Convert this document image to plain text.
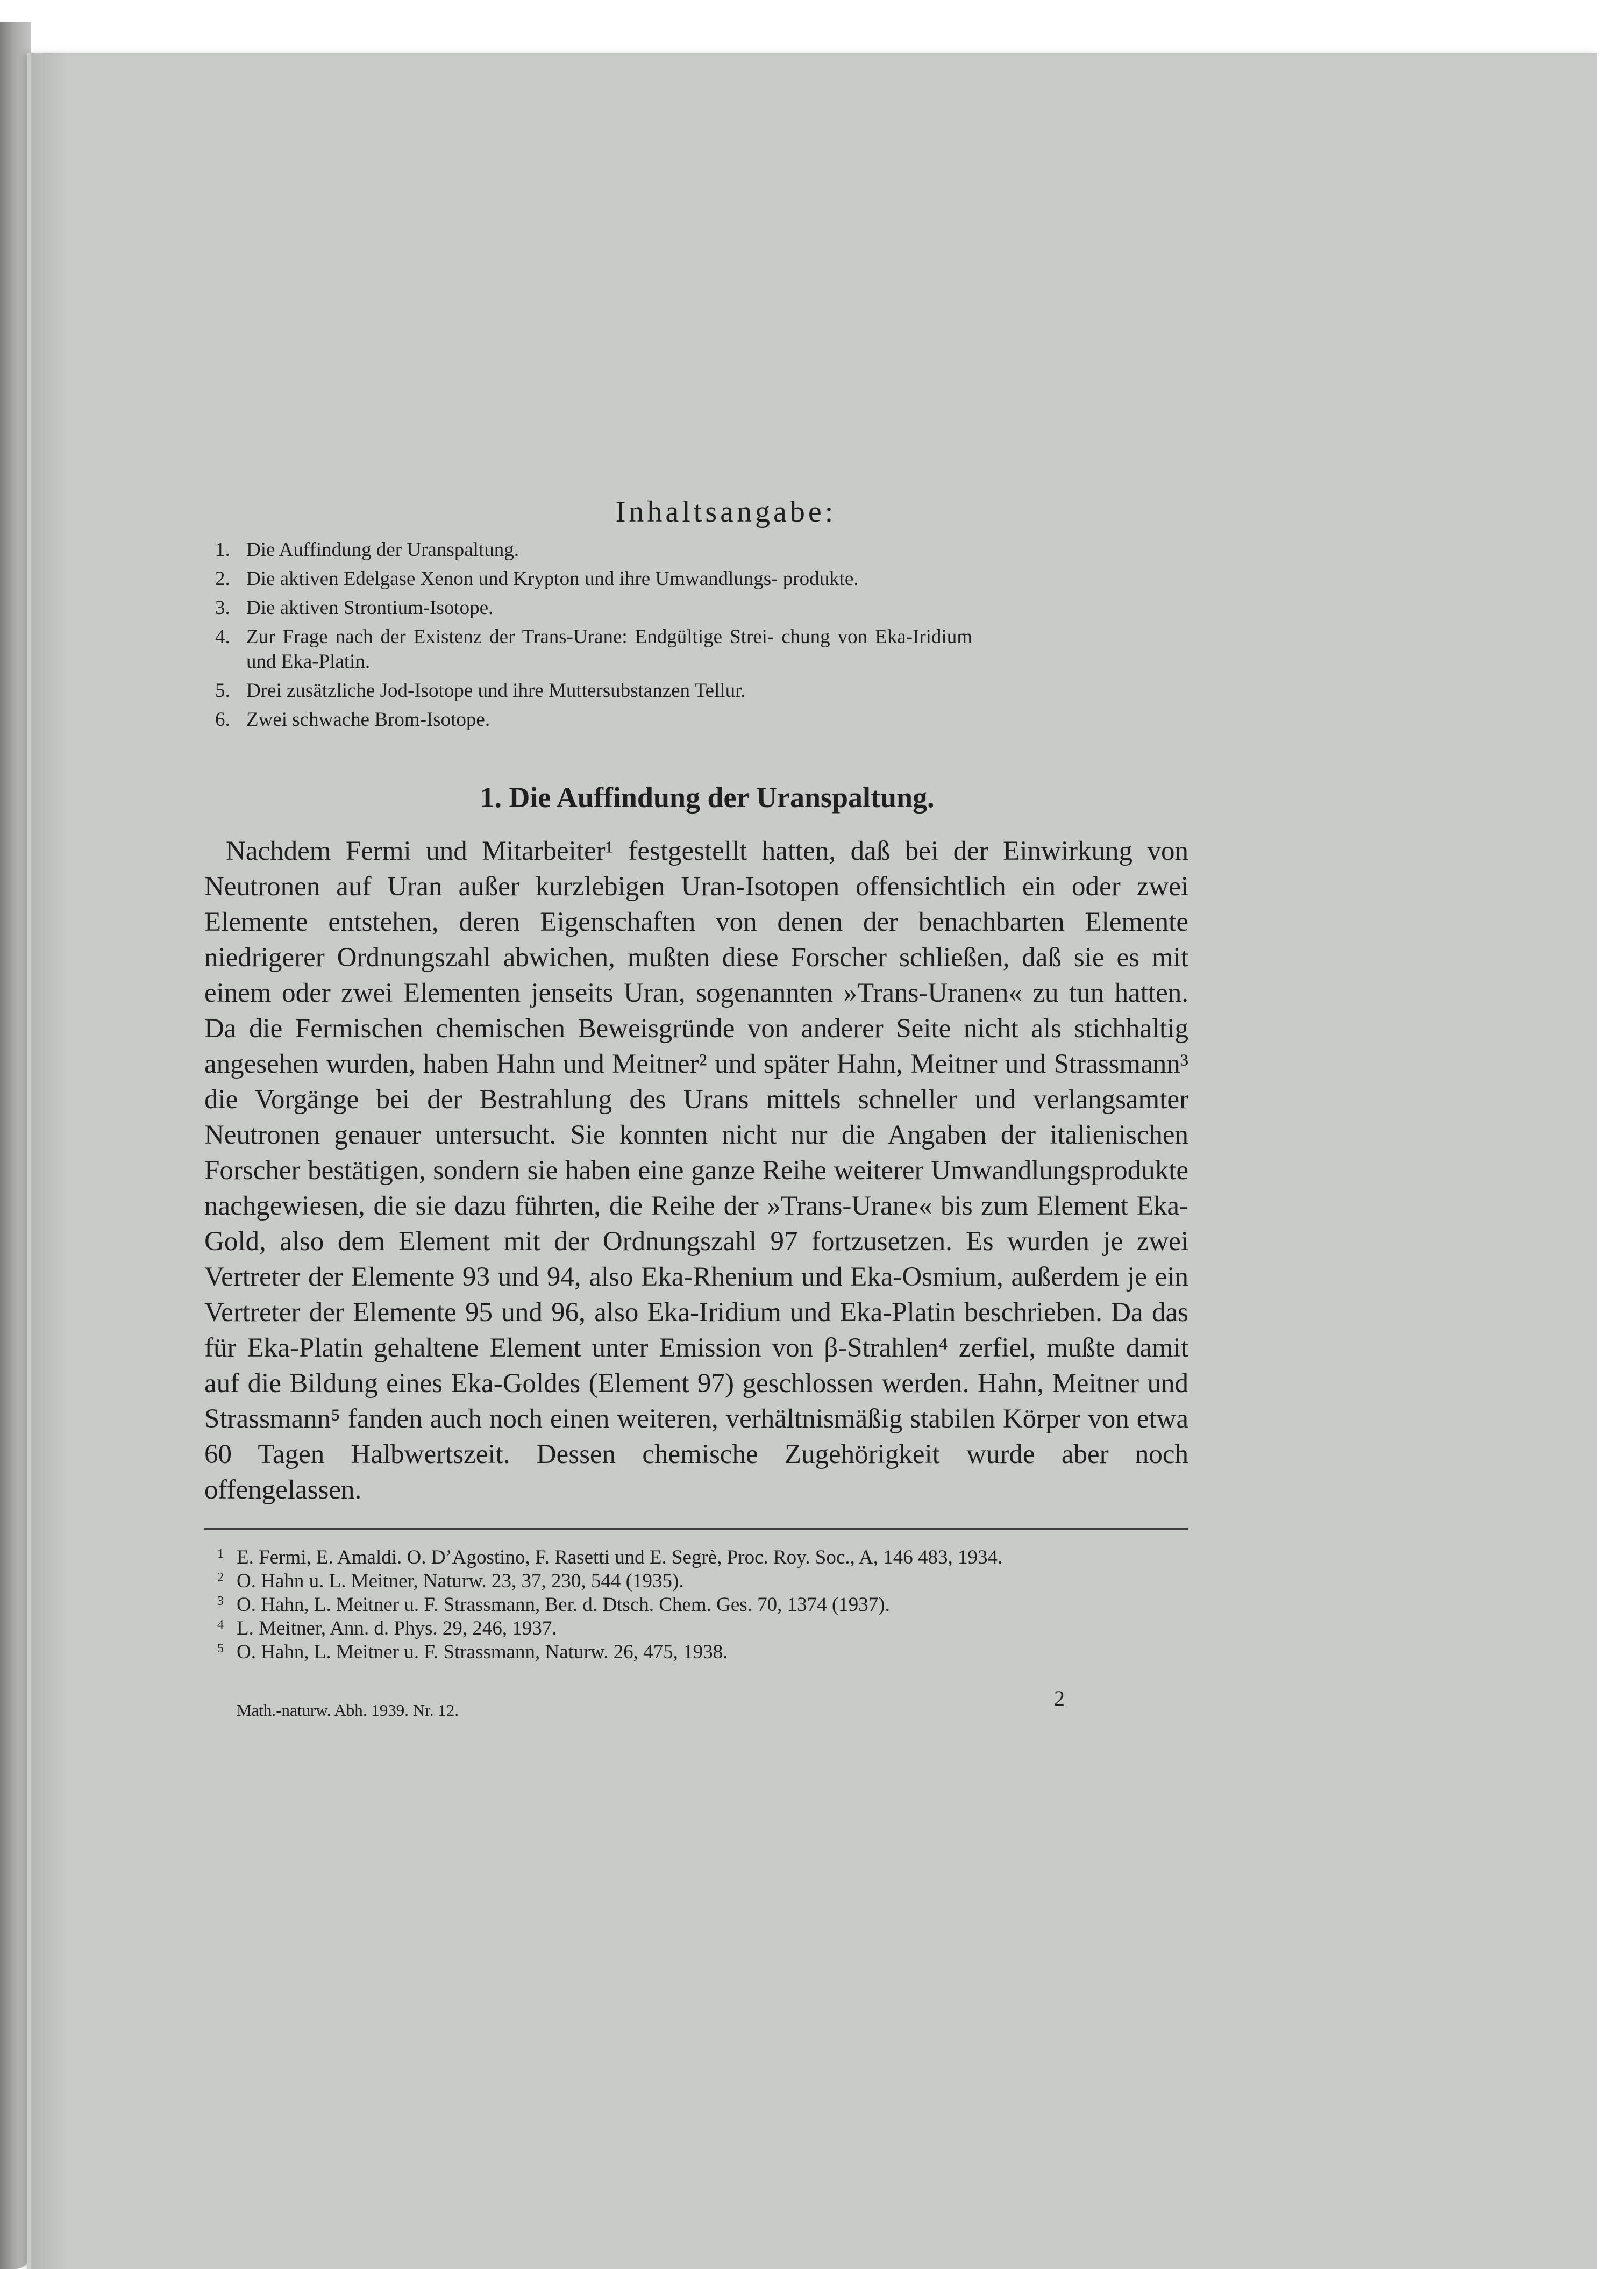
Inhaltsangabe:
1. Die Auffindung der Uranspaltung.
2. Die aktiven Edelgase Xenon und Krypton und ihre Umwandlungs- produkte.
3. Die aktiven Strontium-Isotope.
4. Zur Frage nach der Existenz der Trans-Urane: Endgültige Strei- chung von Eka-Iridium und Eka-Platin.
5. Drei zusätzliche Jod-Isotope und ihre Muttersubstanzen Tellur.
6. Zwei schwache Brom-Isotope.
1. Die Auffindung der Uranspaltung.

Nachdem Fermi und Mitarbeiter¹ festgestellt hatten, daß bei der Einwirkung von Neutronen auf Uran außer kurzlebigen Uran-Isotopen offensichtlich ein oder zwei Elemente entstehen, deren Eigenschaften von denen der benachbarten Elemente niedrigerer Ordnungszahl abwichen, mußten diese Forscher schließen, daß sie es mit einem oder zwei Elementen jenseits Uran, sogenannten »Trans-Uranen« zu tun hatten. Da die Fermischen chemischen Beweisgründe von anderer Seite nicht als stichhaltig angesehen wurden, haben Hahn und Meitner² und später Hahn, Meitner und Strassmann³ die Vorgänge bei der Bestrahlung des Urans mittels schneller und verlangsamter Neutronen genauer untersucht. Sie konnten nicht nur die Angaben der italienischen Forscher bestätigen, sondern sie haben eine ganze Reihe weiterer Umwandlungsprodukte nachgewiesen, die sie dazu führten, die Reihe der »Trans-Urane« bis zum Element Eka-Gold, also dem Element mit der Ordnungszahl 97 fortzusetzen. Es wurden je zwei Vertreter der Elemente 93 und 94, also Eka-Rhenium und Eka-Osmium, außerdem je ein Vertreter der Elemente 95 und 96, also Eka-Iridium und Eka-Platin beschrieben. Da das für Eka-Platin gehaltene Element unter Emission von β-Strahlen⁴ zerfiel, mußte damit auf die Bildung eines Eka-Goldes (Element 97) geschlossen werden. Hahn, Meitner und Strassmann⁵ fanden auch noch einen weiteren, verhältnismäßig stabilen Körper von etwa 60 Tagen Halbwertszeit. Dessen chemische Zugehörigkeit wurde aber noch offengelassen.

1 E. Fermi, E. Amaldi. O. D’Agostino, F. Rasetti und E. Segrè, Proc. Roy. Soc., A, 146 483, 1934.
2 O. Hahn u. L. Meitner, Naturw. 23, 37, 230, 544 (1935).
3 O. Hahn, L. Meitner u. F. Strassmann, Ber. d. Dtsch. Chem. Ges. 70, 1374 (1937).
4 L. Meitner, Ann. d. Phys. 29, 246, 1937.
5 O. Hahn, L. Meitner u. F. Strassmann, Naturw. 26, 475, 1938.
Math.-naturw. Abh. 1939. Nr. 12.	2
